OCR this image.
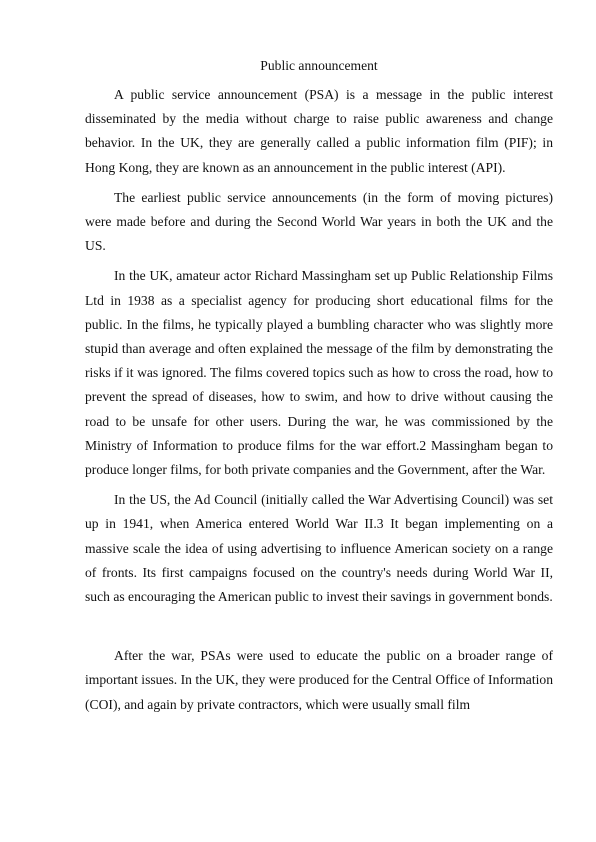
Public announcement

A public service announcement (PSA) is a message in the public interest disseminated by the media without charge to raise public awareness and change behavior. In the UK, they are generally called a public information film (PIF); in Hong Kong, they are known as an announcement in the public interest (API).

The earliest public service announcements (in the form of moving pictures) were made before and during the Second World War years in both the UK and the US.

In the UK, amateur actor Richard Massingham set up Public Relationship Films Ltd in 1938 as a specialist agency for producing short educational films for the public. In the films, he typically played a bumbling character who was slightly more stupid than average and often explained the message of the film by demonstrating the risks if it was ignored. The films covered topics such as how to cross the road, how to prevent the spread of diseases, how to swim, and how to drive without causing the road to be unsafe for other users. During the war, he was commissioned by the Ministry of Information to produce films for the war effort.2 Massingham began to produce longer films, for both private companies and the Government, after the War.

In the US, the Ad Council (initially called the War Advertising Council) was set up in 1941, when America entered World War II.3 It began implementing on a massive scale the idea of using advertising to influence American society on a range of fronts. Its first campaigns focused on the country's needs during World War II, such as encouraging the American public to invest their savings in government bonds.

After the war, PSAs were used to educate the public on a broader range of important issues. In the UK, they were produced for the Central Office of Information (COI), and again by private contractors, which were usually small film
